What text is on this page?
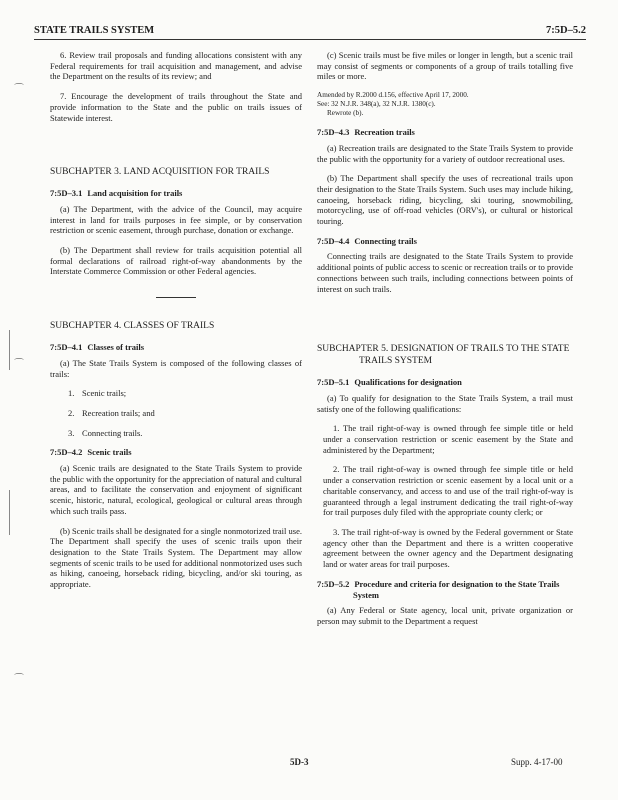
STATE TRAILS SYSTEM	7:5D–5.2
⌒
⌒
⌒

6. Review trail proposals and funding allocations consistent with any Federal requirements for trail acquisition and management, and advise the Department on the results of its review; and

7. Encourage the development of trails throughout the State and provide information to the State and the public on trails issues of Statewide interest.

SUBCHAPTER 3. LAND ACQUISITION FOR TRAILS
7:5D–3.1 Land acquisition for trails

(a) The Department, with the advice of the Council, may acquire interest in land for trails purposes in fee simple, or by conservation restriction or scenic easement, through purchase, donation or exchange.

(b) The Department shall review for trails acquisition potential all formal declarations of railroad right-of-way abandonments by the Interstate Commerce Commission or other Federal agencies.

SUBCHAPTER 4. CLASSES OF TRAILS
7:5D–4.1 Classes of trails

(a) The State Trails System is composed of the following classes of trails:

1. Scenic trails;
2. Recreation trails; and
3. Connecting trails.
7:5D–4.2 Scenic trails

(a) Scenic trails are designated to the State Trails System to provide the public with the opportunity for the appreciation of natural and cultural areas, and to facilitate the conservation and enjoyment of significant scenic, historic, natural, ecological, geological or cultural areas through which such trails pass.

(b) Scenic trails shall be designated for a single nonmotorized trail use. The Department shall specify the uses of scenic trails upon their designation to the State Trails System. The Department may allow segments of scenic trails to be used for additional nonmotorized uses such as hiking, canoeing, horseback riding, bicycling, and/or ski touring, as appropriate.

(c) Scenic trails must be five miles or longer in length, but a scenic trail may consist of segments or components of a group of trails totalling five miles or more.

Amended by R.2000 d.156, effective April 17, 2000.
See: 32 N.J.R. 348(a), 32 N.J.R. 1380(c).
Rewrote (b).
7:5D–4.3 Recreation trails

(a) Recreation trails are designated to the State Trails System to provide the public with the opportunity for a variety of outdoor recreational uses.

(b) The Department shall specify the uses of recreational trails upon their designation to the State Trails System. Such uses may include hiking, canoeing, horseback riding, bicycling, ski touring, snowmobiling, motorcycling, use of off-road vehicles (ORV's), or cultural or historical touring.

7:5D–4.4 Connecting trails

Connecting trails are designated to the State Trails System to provide additional points of public access to scenic or recreation trails or to provide connections between such trails, including connections between points of interest on such trails.

SUBCHAPTER 5. DESIGNATION OF TRAILS TO THE STATE TRAILS SYSTEM
7:5D–5.1 Qualifications for designation

(a) To qualify for designation to the State Trails System, a trail must satisfy one of the following qualifications:

1. The trail right-of-way is owned through fee simple title or held under a conservation restriction or scenic easement by the State and administered by the Department;

2. The trail right-of-way is owned through fee simple title or held under a conservation restriction or scenic easement by a local unit or a charitable conservancy, and access to and use of the trail right-of-way is guaranteed through a legal instrument dedicating the trail right-of-way for trail purposes duly filed with the appropriate county clerk; or

3. The trail right-of-way is owned by the Federal government or State agency other than the Department and there is a written cooperative agreement between the owner agency and the Department designating land or water areas for trail purposes.

7:5D–5.2 Procedure and criteria for designation to the State Trails System

(a) Any Federal or State agency, local unit, private organization or person may submit to the Department a request

5D-3	Supp. 4-17-00
